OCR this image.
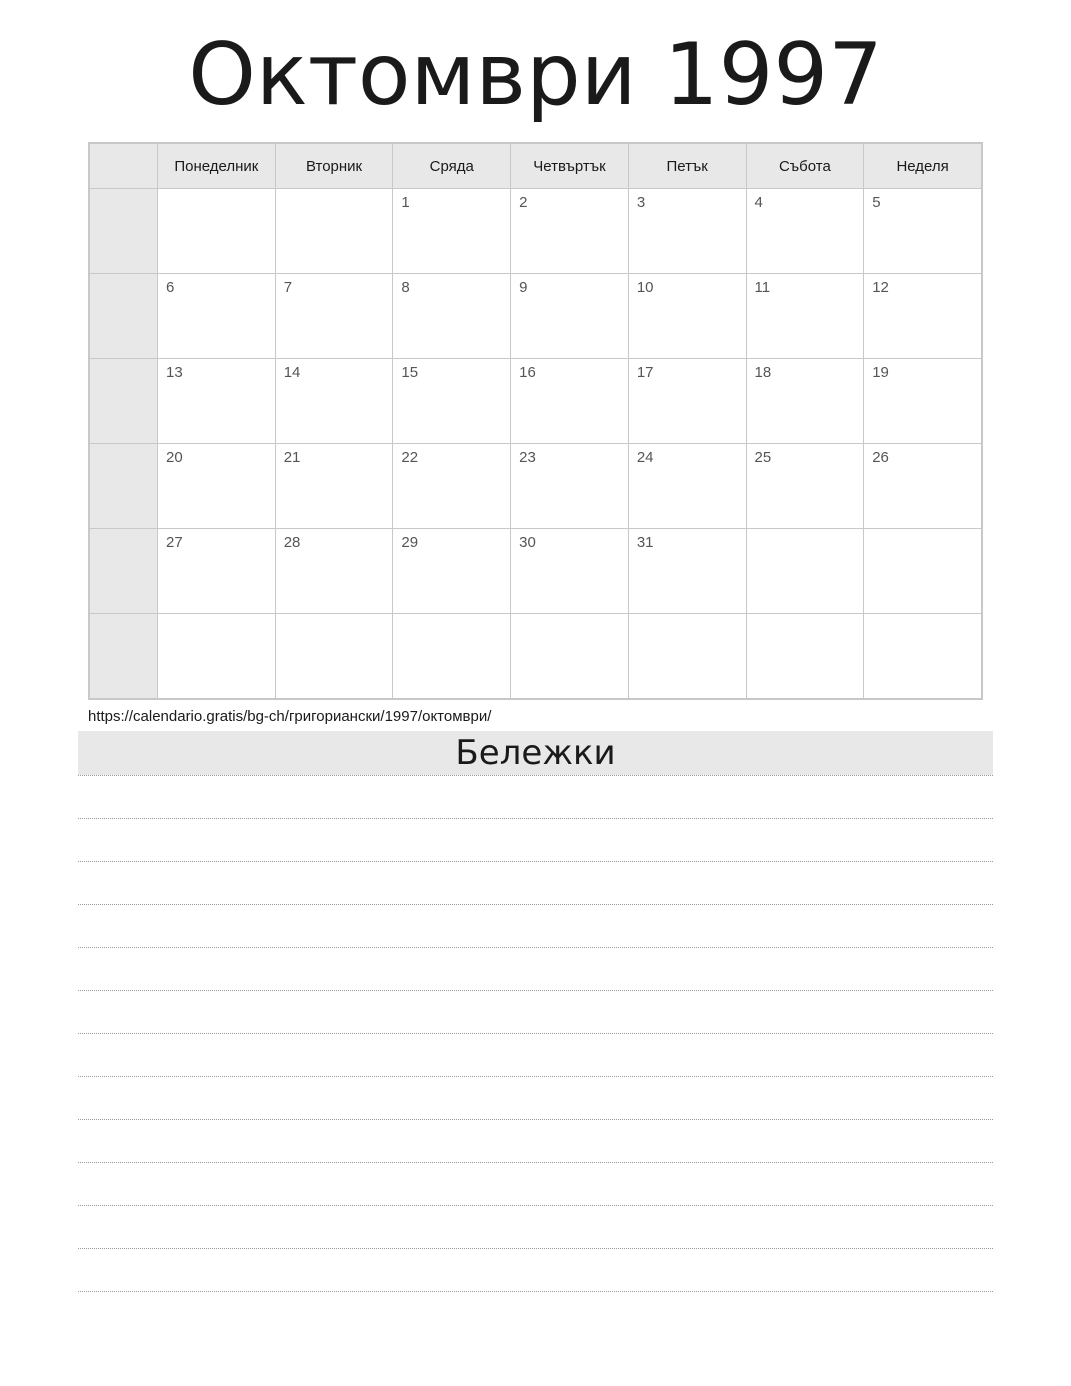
Октомври 1997
	Понеделник	Вторник	Сряда	Четвъртък	Петък	Събота	Неделя

			1	2	3	4	5

	6	7	8	9	10	11	12

	13	14	15	16	17	18	19

	20	21	22	23	24	25	26

	27	28	29	30	31		

https://calendario.gratis/bg-ch/григориански/1997/октомври/
Бележки
